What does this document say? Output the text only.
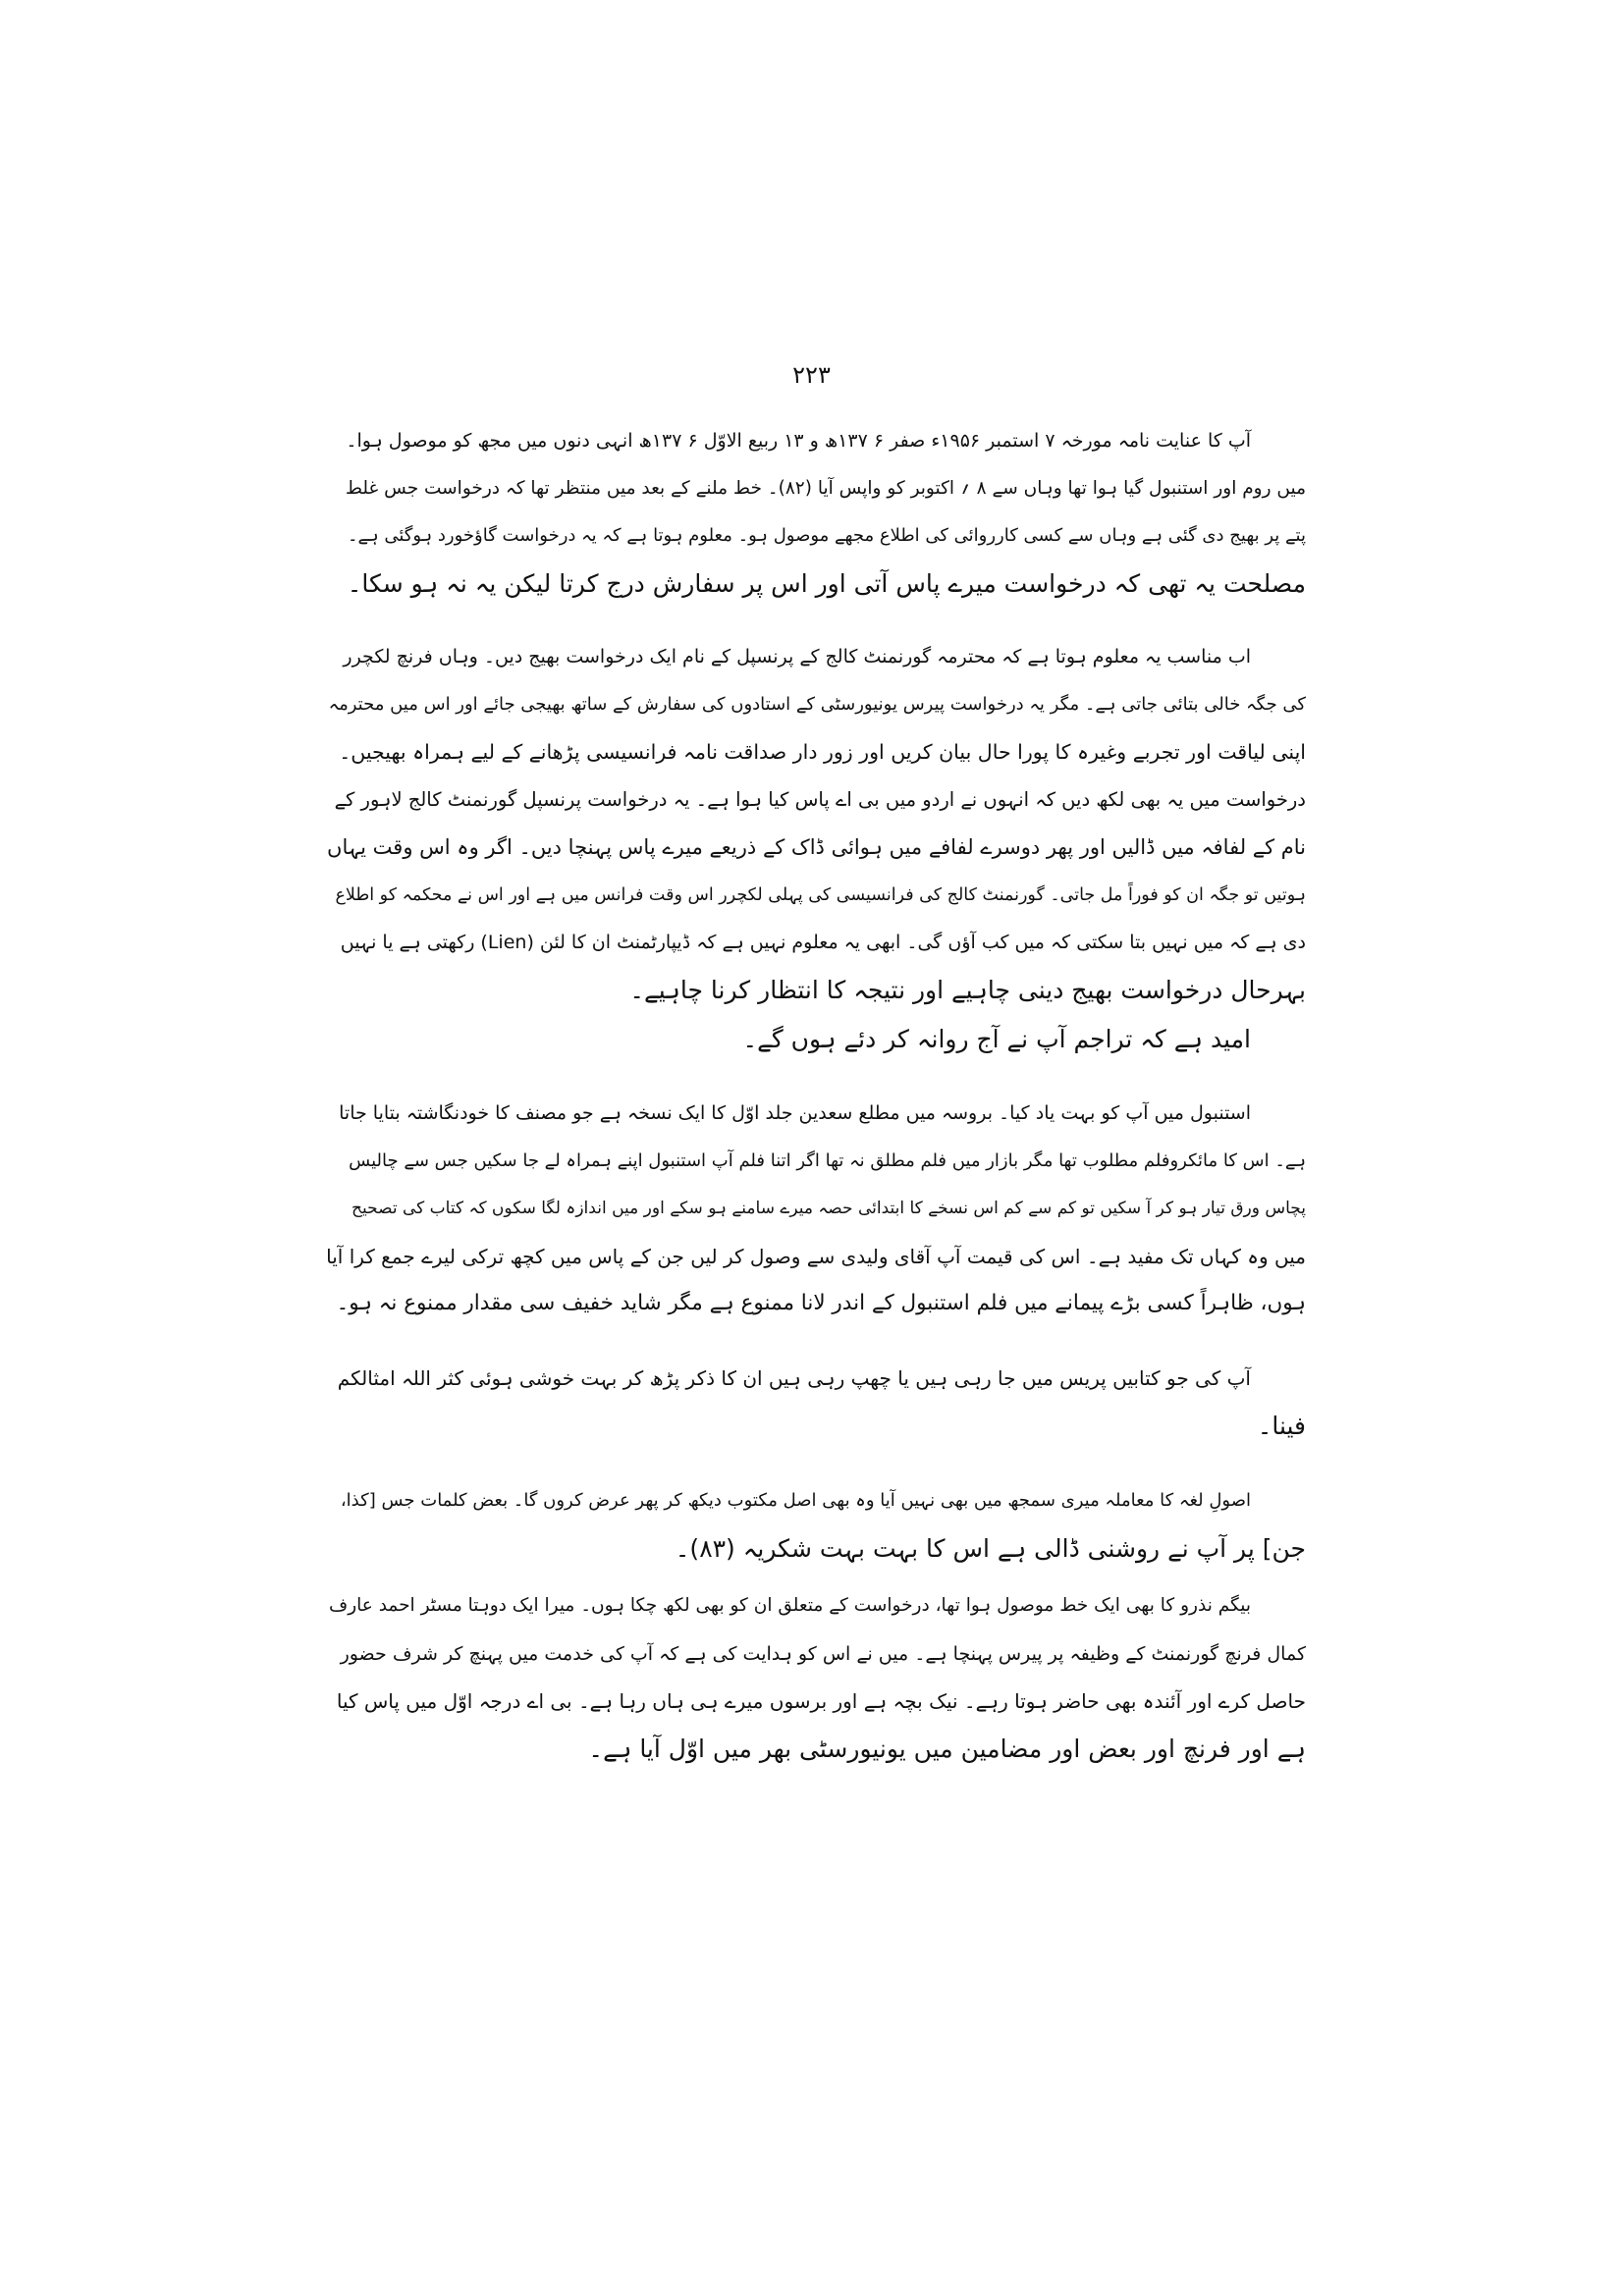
۲۲۳
آپ کا عنایت نامہ مورخہ ۷ استمبر ۱۹۵۶ء صفر ۶ ۱۳۷ھ و ۱۳ ربیع الاوّل ۶ ۱۳۷ھ انہی دنوں میں مجھ کو موصول ہوا۔
میں روم اور استنبول گیا ہوا تھا وہاں سے ۸ ؍ اکتوبر کو واپس آیا (۸۲)۔ خط ملنے کے بعد میں منتظر تھا کہ درخواست جس غلط
پتے پر بھیج دی گئی ہے وہاں سے کسی کارروائی کی اطلاع مجھے موصول ہو۔ معلوم ہوتا ہے کہ یہ درخواست گاؤخورد ہوگئی ہے۔
مصلحت یہ تھی کہ درخواست میرے پاس آتی اور اس پر سفارش درج کرتا لیکن یہ نہ ہو سکا۔
اب مناسب یہ معلوم ہوتا ہے کہ محترمہ گورنمنٹ کالج کے پرنسپل کے نام ایک درخواست بھیج دیں۔ وہاں فرنچ لکچرر
کی جگہ خالی بتائی جاتی ہے۔ مگر یہ درخواست پیرس یونیورسٹی کے استادوں کی سفارش کے ساتھ بھیجی جائے اور اس میں محترمہ
اپنی لیاقت اور تجربے وغیرہ کا پورا حال بیان کریں اور زور دار صداقت نامہ فرانسیسی پڑھانے کے لیے ہمراہ بھیجیں۔
درخواست میں یہ بھی لکھ دیں کہ انہوں نے اردو میں بی اے پاس کیا ہوا ہے۔ یہ درخواست پرنسپل گورنمنٹ کالج لاہور کے
نام کے لفافہ میں ڈالیں اور پھر دوسرے لفافے میں ہوائی ڈاک کے ذریعے میرے پاس پہنچا دیں۔ اگر وہ اس وقت یہاں
ہوتیں تو جگہ ان کو فوراً مل جاتی۔ گورنمنٹ کالج کی فرانسیسی کی پہلی لکچرر اس وقت فرانس میں ہے اور اس نے محکمہ کو اطلاع
دی ہے کہ میں نہیں بتا سکتی کہ میں کب آؤں گی۔ ابھی یہ معلوم نہیں ہے کہ ڈیپارٹمنٹ ان کا لئن (Lien) رکھتی ہے یا نہیں
بہرحال درخواست بھیج دینی چاہیے اور نتیجہ کا انتظار کرنا چاہیے۔
امید ہے کہ تراجم آپ نے آج روانہ کر دئے ہوں گے۔
استنبول میں آپ کو بہت یاد کیا۔ بروسہ میں مطلع سعدین جلد اوّل کا ایک نسخہ ہے جو مصنف کا خودنگاشتہ بتایا جاتا
ہے۔ اس کا مائکروفلم مطلوب تھا مگر بازار میں فلم مطلق نہ تھا اگر اتنا فلم آپ استنبول اپنے ہمراہ لے جا سکیں جس سے چالیس
پچاس ورق تیار ہو کر آ سکیں تو کم سے کم اس نسخے کا ابتدائی حصہ میرے سامنے ہو سکے اور میں اندازہ لگا سکوں کہ کتاب کی تصحیح
میں وہ کہاں تک مفید ہے۔ اس کی قیمت آپ آقای ولیدی سے وصول کر لیں جن کے پاس میں کچھ ترکی لیرے جمع کرا آیا
ہوں، ظاہراً کسی بڑے پیمانے میں فلم استنبول کے اندر لانا ممنوع ہے مگر شاید خفیف سی مقدار ممنوع نہ ہو۔
آپ کی جو کتابیں پریس میں جا رہی ہیں یا چھپ رہی ہیں ان کا ذکر پڑھ کر بہت خوشی ہوئی کثر اللہ امثالکم
فینا۔
اصولِ لغہ کا معاملہ میری سمجھ میں بھی نہیں آیا وہ بھی اصل مکتوب دیکھ کر پھر عرض کروں گا۔ بعض کلمات جس [کذا،
جن] پر آپ نے روشنی ڈالی ہے اس کا بہت بہت شکریہ (۸۳)۔
بیگم نذرو کا بھی ایک خط موصول ہوا تھا، درخواست کے متعلق ان کو بھی لکھ چکا ہوں۔ میرا ایک دوہتا مسٹر احمد عارف
کمال فرنچ گورنمنٹ کے وظیفہ پر پیرس پہنچا ہے۔ میں نے اس کو ہدایت کی ہے کہ آپ کی خدمت میں پہنچ کر شرف حضور
حاصل کرے اور آئندہ بھی حاضر ہوتا رہے۔ نیک بچہ ہے اور برسوں میرے ہی ہاں رہا ہے۔ بی اے درجہ اوّل میں پاس کیا
ہے اور فرنچ اور بعض اور مضامین میں یونیورسٹی بھر میں اوّل آیا ہے۔
